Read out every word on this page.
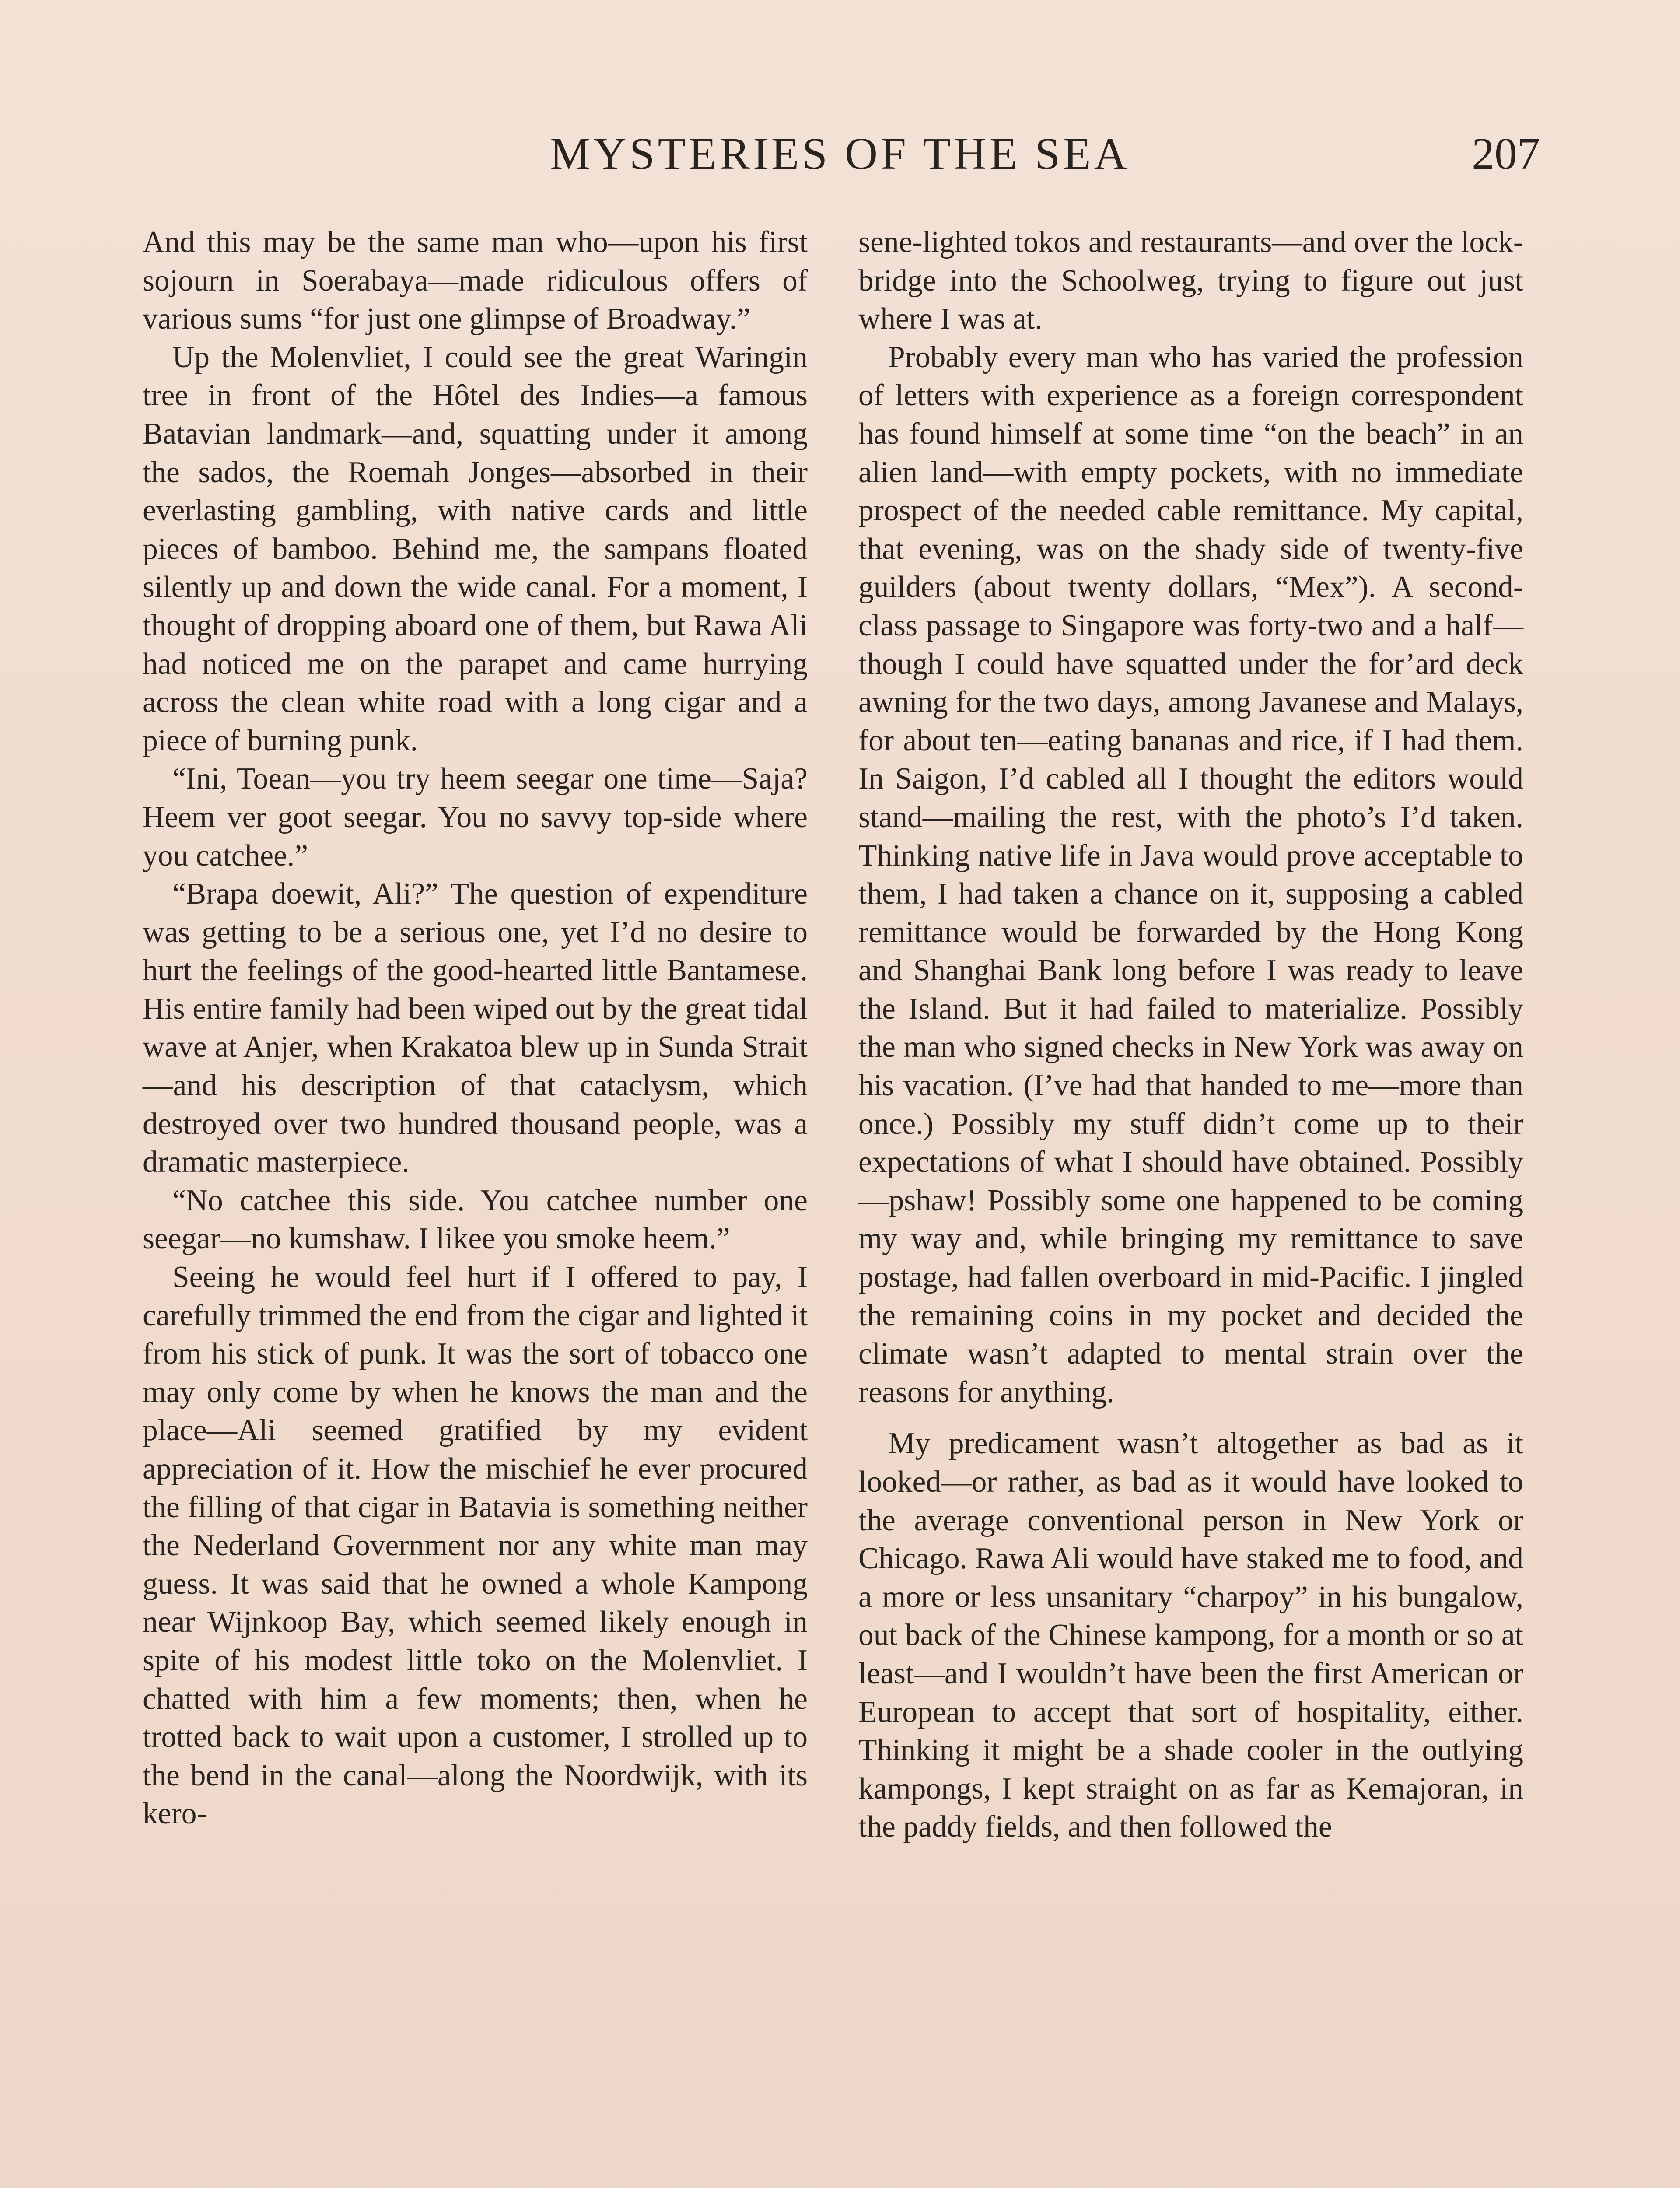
MYSTERIES OF THE SEA	207

And this may be the same man who—upon his first sojourn in Soerabaya—made ridiculous offers of various sums “for just one glimpse of Broadway.”

Up the Molenvliet, I could see the great Waringin tree in front of the Hôtel des Indies—a famous Batavian landmark—and, squatting under it among the sados, the Roemah Jonges—absorbed in their everlasting gambling, with native cards and little pieces of bamboo. Behind me, the sampans floated silently up and down the wide canal. For a moment, I thought of dropping aboard one of them, but Rawa Ali had noticed me on the parapet and came hurrying across the clean white road with a long cigar and a piece of burning punk.

“Ini, Toean—you try heem seegar one time—Saja? Heem ver goot seegar. You no savvy top-side where you catchee.”

“Brapa doewit, Ali?” The question of expenditure was getting to be a serious one, yet I’d no desire to hurt the feelings of the good-hearted little Bantamese. His entire family had been wiped out by the great tidal wave at Anjer, when Krakatoa blew up in Sunda Strait—and his description of that cataclysm, which destroyed over two hundred thousand people, was a dramatic masterpiece.

“No catchee this side. You catchee number one seegar—no kumshaw. I likee you smoke heem.”

Seeing he would feel hurt if I offered to pay, I carefully trimmed the end from the cigar and lighted it from his stick of punk. It was the sort of tobacco one may only come by when he knows the man and the place—Ali seemed gratified by my evident appreciation of it. How the mischief he ever procured the filling of that cigar in Batavia is something neither the Nederland Government nor any white man may guess. It was said that he owned a whole Kampong near Wijnkoop Bay, which seemed likely enough in spite of his modest little toko on the Molenvliet. I chatted with him a few moments; then, when he trotted back to wait upon a customer, I strolled up to the bend in the canal—along the Noordwijk, with its kero-

sene-lighted tokos and restaurants—and over the lock-bridge into the Schoolweg, trying to figure out just where I was at.

Probably every man who has varied the profession of letters with experience as a foreign correspondent has found himself at some time “on the beach” in an alien land—with empty pockets, with no immediate prospect of the needed cable remittance. My capital, that evening, was on the shady side of twenty-five guilders (about twenty dollars, “Mex”). A second-class passage to Singapore was forty-two and a half—though I could have squatted under the for’ard deck awning for the two days, among Javanese and Malays, for about ten—eating bananas and rice, if I had them. In Saigon, I’d cabled all I thought the editors would stand—mailing the rest, with the photo’s I’d taken. Thinking native life in Java would prove acceptable to them, I had taken a chance on it, supposing a cabled remittance would be forwarded by the Hong Kong and Shanghai Bank long before I was ready to leave the Island. But it had failed to materialize. Possibly the man who signed checks in New York was away on his vacation. (I’ve had that handed to me—more than once.) Possibly my stuff didn’t come up to their expectations of what I should have obtained. Possibly—pshaw! Possibly some one happened to be coming my way and, while bringing my remittance to save postage, had fallen overboard in mid-Pacific. I jingled the remaining coins in my pocket and decided the climate wasn’t adapted to mental strain over the reasons for anything.

My predicament wasn’t altogether as bad as it looked—or rather, as bad as it would have looked to the average conventional person in New York or Chicago. Rawa Ali would have staked me to food, and a more or less unsanitary “charpoy” in his bungalow, out back of the Chinese kampong, for a month or so at least—and I wouldn’t have been the first American or European to accept that sort of hospitality, either. Thinking it might be a shade cooler in the outlying kampongs, I kept straight on as far as Kemajoran, in the paddy fields, and then followed the
